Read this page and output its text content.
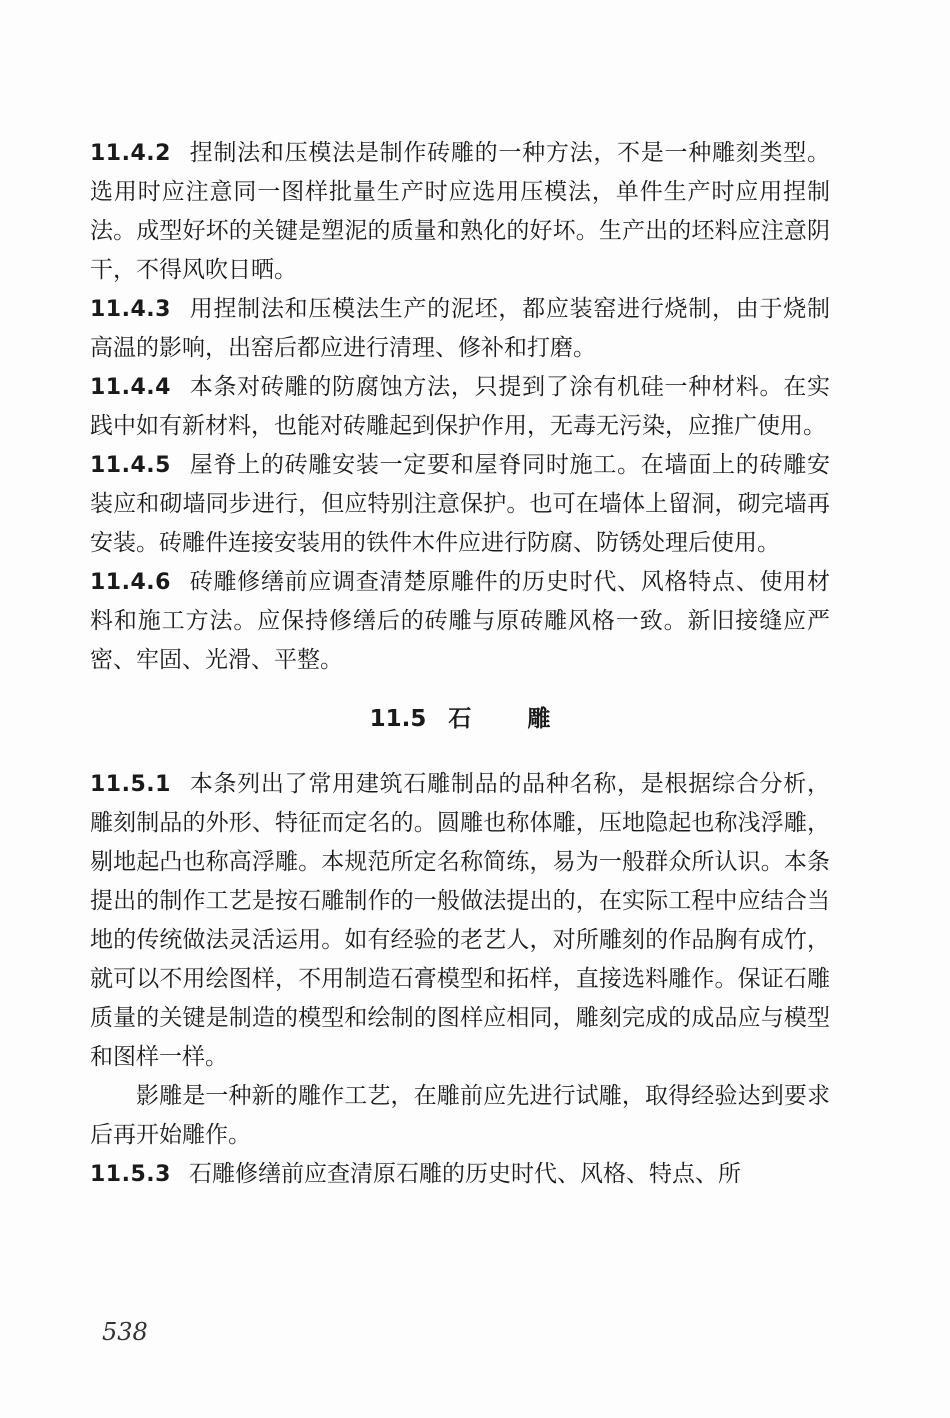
11.4.2 捏制法和压模法是制作砖雕的一种方法，不是一种雕刻类型。选用时应注意同一图样批量生产时应选用压模法，单件生产时应用捏制法。成型好坏的关键是塑泥的质量和熟化的好坏。生产出的坯料应注意阴干，不得风吹日晒。

11.4.3 用捏制法和压模法生产的泥坯，都应装窑进行烧制，由于烧制高温的影响，出窑后都应进行清理、修补和打磨。

11.4.4 本条对砖雕的防腐蚀方法，只提到了涂有机硅一种材料。在实践中如有新材料，也能对砖雕起到保护作用，无毒无污染，应推广使用。

11.4.5 屋脊上的砖雕安装一定要和屋脊同时施工。在墙面上的砖雕安装应和砌墙同步进行，但应特别注意保护。也可在墙体上留洞，砌完墙再安装。砖雕件连接安装用的铁件木件应进行防腐、防锈处理后使用。

11.4.6 砖雕修缮前应调查清楚原雕件的历史时代、风格特点、使用材料和施工方法。应保持修缮后的砖雕与原砖雕风格一致。新旧接缝应严密、牢固、光滑、平整。

11.5 石雕

11.5.1 本条列出了常用建筑石雕制品的品种名称，是根据综合分析，雕刻制品的外形、特征而定名的。圆雕也称体雕，压地隐起也称浅浮雕，剔地起凸也称高浮雕。本规范所定名称简练，易为一般群众所认识。本条提出的制作工艺是按石雕制作的一般做法提出的，在实际工程中应结合当地的传统做法灵活运用。如有经验的老艺人，对所雕刻的作品胸有成竹，就可以不用绘图样，不用制造石膏模型和拓样，直接选料雕作。保证石雕质量的关键是制造的模型和绘制的图样应相同，雕刻完成的成品应与模型和图样一样。

影雕是一种新的雕作工艺，在雕前应先进行试雕，取得经验达到要求后再开始雕作。

11.5.3 石雕修缮前应查清原石雕的历史时代、风格、特点、所

538
